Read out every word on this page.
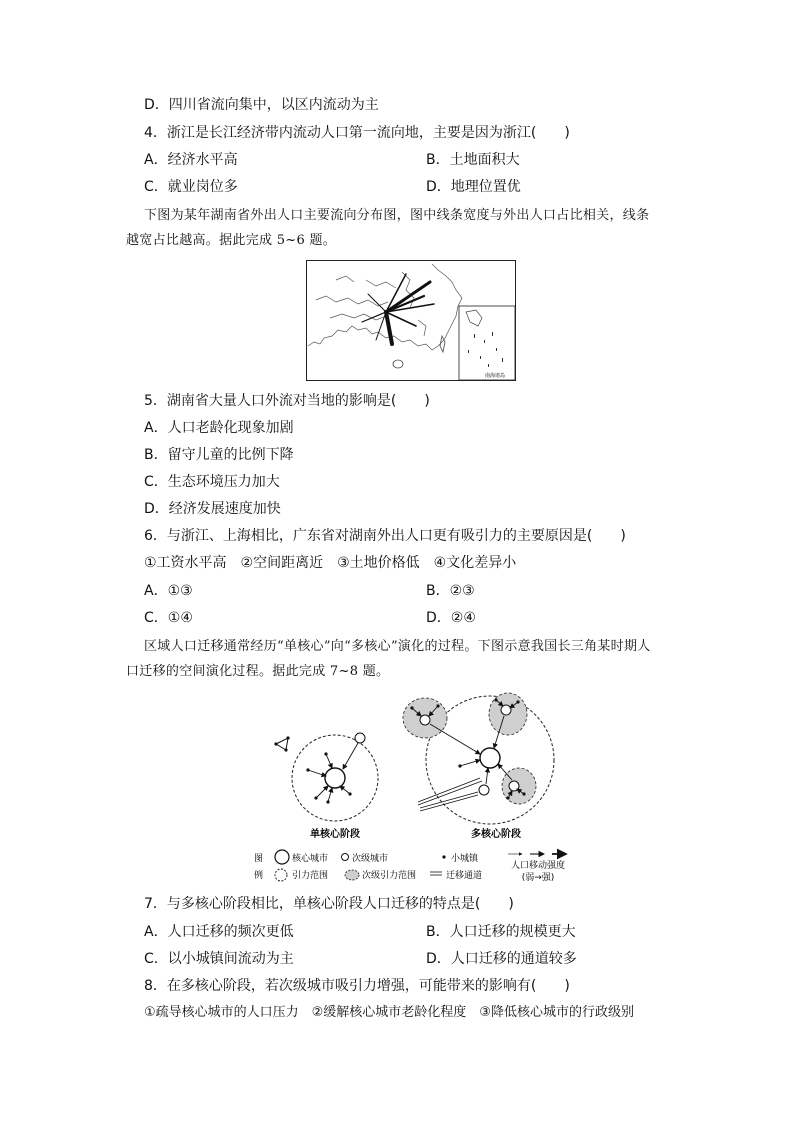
D．四川省流向集中，以区内流动为主
4．浙江是长江经济带内流动人口第一流向地，主要是因为浙江(　　)
A．经济水平高	B．土地面积大
C．就业岗位多	D．地理位置优
下图为某年湖南省外出人口主要流向分布图，图中线条宽度与外出人口占比相关，线条
越宽占比越高。据此完成 5~6 题。
南海诸岛
5．湖南省大量人口外流对当地的影响是(　　)
A．人口老龄化现象加剧
B．留守儿童的比例下降
C．生态环境压力加大
D．经济发展速度加快
6．与浙江、上海相比，广东省对湖南外出人口更有吸引力的主要原因是(　　)
①工资水平高　②空间距离近　③土地价格低　④文化差异小
A．①③	B．②③
C．①④	D．②④
区域人口迁移通常经历“单核心”向“多核心”演化的过程。下图示意我国长三角某时期人
口迁移的空间演化过程。据此完成 7~8 题。
单核心阶段	多核心阶段
图
例
核心城市	次级城市	小城镇
引力范围	次级引力范围	迁移通道
人口移动强度
(弱→强)
7．与多核心阶段相比，单核心阶段人口迁移的特点是(　　)
A．人口迁移的频次更低	B．人口迁移的规模更大
C．以小城镇间流动为主	D．人口迁移的通道较多
8．在多核心阶段，若次级城市吸引力增强，可能带来的影响有(　　)
①疏导核心城市的人口压力　②缓解核心城市老龄化程度　③降低核心城市的行政级别
